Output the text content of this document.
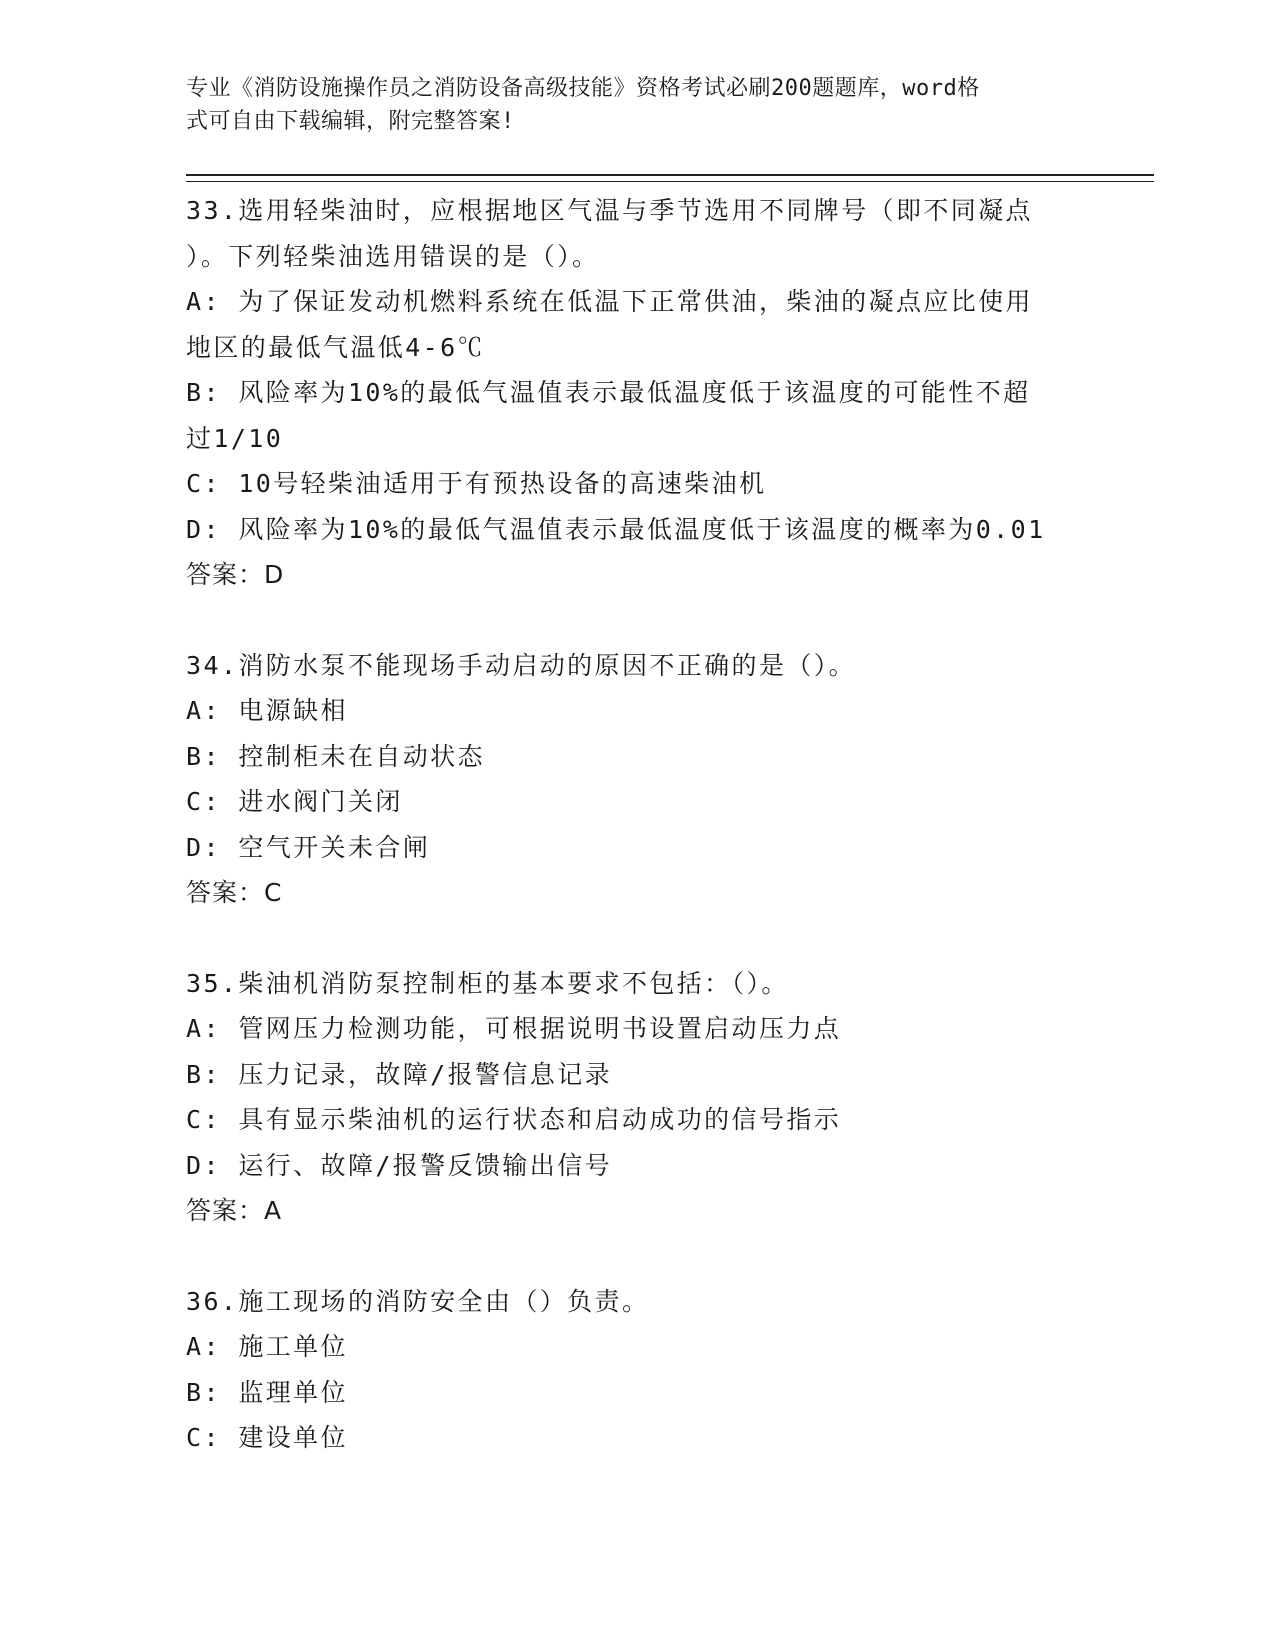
专业《消防设施操作员之消防设备高级技能》资格考试必刷200题题库，word格
式可自由下载编辑，附完整答案!
33.选用轻柴油时，应根据地区气温与季节选用不同牌号（即不同凝点
）。下列轻柴油选用错误的是（）。
A: 为了保证发动机燃料系统在低温下正常供油，柴油的凝点应比使用
地区的最低气温低4-6℃
B: 风险率为10%的最低气温值表示最低温度低于该温度的可能性不超
过1/10
C: 10号轻柴油适用于有预热设备的高速柴油机
D: 风险率为10%的最低气温值表示最低温度低于该温度的概率为0.01
答案：D
34.消防水泵不能现场手动启动的原因不正确的是（）。
A: 电源缺相
B: 控制柜未在自动状态
C: 进水阀门关闭
D: 空气开关未合闸
答案：C
35.柴油机消防泵控制柜的基本要求不包括：（）。
A: 管网压力检测功能，可根据说明书设置启动压力点
B: 压力记录，故障/报警信息记录
C: 具有显示柴油机的运行状态和启动成功的信号指示
D: 运行、故障/报警反馈输出信号
答案：A
36.施工现场的消防安全由（）负责。
A: 施工单位
B: 监理单位
C: 建设单位
